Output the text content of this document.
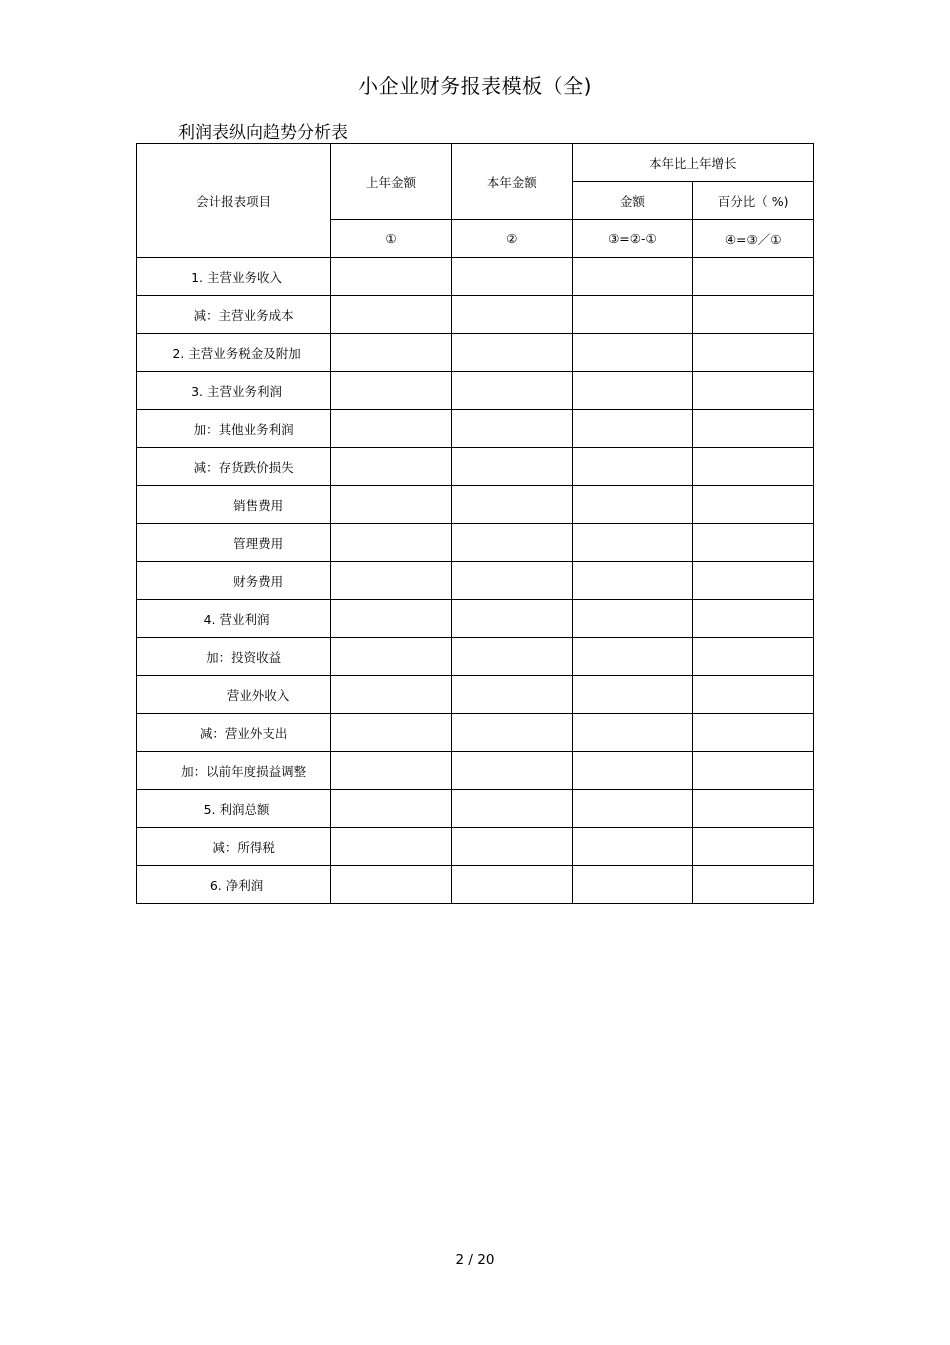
小企业财务报表模板（全)
利润表纵向趋势分析表
会计报表项目	上年金额	本年金额	本年比上年增长	
			金额	百分比（ %)
	①	②	③=②-①	④=③／①
1. 主营业务收入				
减：主营业务成本				
2. 主营业务税金及附加				
3. 主营业务利润				
加：其他业务利润				
减：存货跌价损失				
销售费用				
管理费用				
财务费用				
4. 营业利润				
加：投资收益				
营业外收入				
减：营业外支出				
加：以前年度损益调整				
5. 利润总额				
减：所得税				
6. 净利润				
2 / 20
